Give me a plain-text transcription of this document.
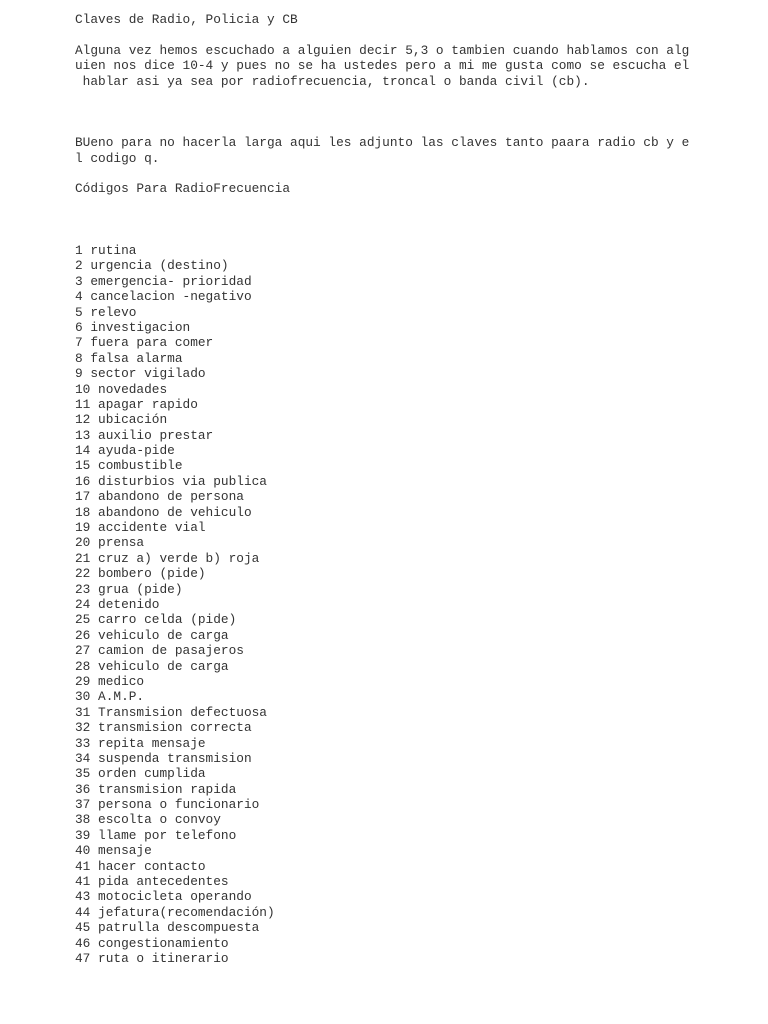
Claves de Radio, Policia y CB

Alguna vez hemos escuchado a alguien decir 5,3 o tambien cuando hablamos con alg

uien nos dice 10-4 y pues no se ha ustedes pero a mi me gusta como se escucha el

hablar asi ya sea por radiofrecuencia, troncal o banda civil (cb).

BUeno para no hacerla larga aqui les adjunto las claves tanto paara radio cb y e

l codigo q.

Códigos Para RadioFrecuencia
1 rutina
2 urgencia (destino)
3 emergencia- prioridad
4 cancelacion -negativo
5 relevo
6 investigacion
7 fuera para comer
8 falsa alarma
9 sector vigilado
10 novedades
11 apagar rapido
12 ubicación
13 auxilio prestar
14 ayuda-pide
15 combustible
16 disturbios via publica
17 abandono de persona
18 abandono de vehiculo
19 accidente vial
20 prensa
21 cruz a) verde b) roja
22 bombero (pide)
23 grua (pide)
24 detenido
25 carro celda (pide)
26 vehiculo de carga
27 camion de pasajeros
28 vehiculo de carga
29 medico
30 A.M.P.
31 Transmision defectuosa
32 transmision correcta
33 repita mensaje
34 suspenda transmision
35 orden cumplida
36 transmision rapida
37 persona o funcionario
38 escolta o convoy
39 llame por telefono
40 mensaje
41 hacer contacto
41 pida antecedentes
43 motocicleta operando
44 jefatura(recomendación)
45 patrulla descompuesta
46 congestionamiento
47 ruta o itinerario
